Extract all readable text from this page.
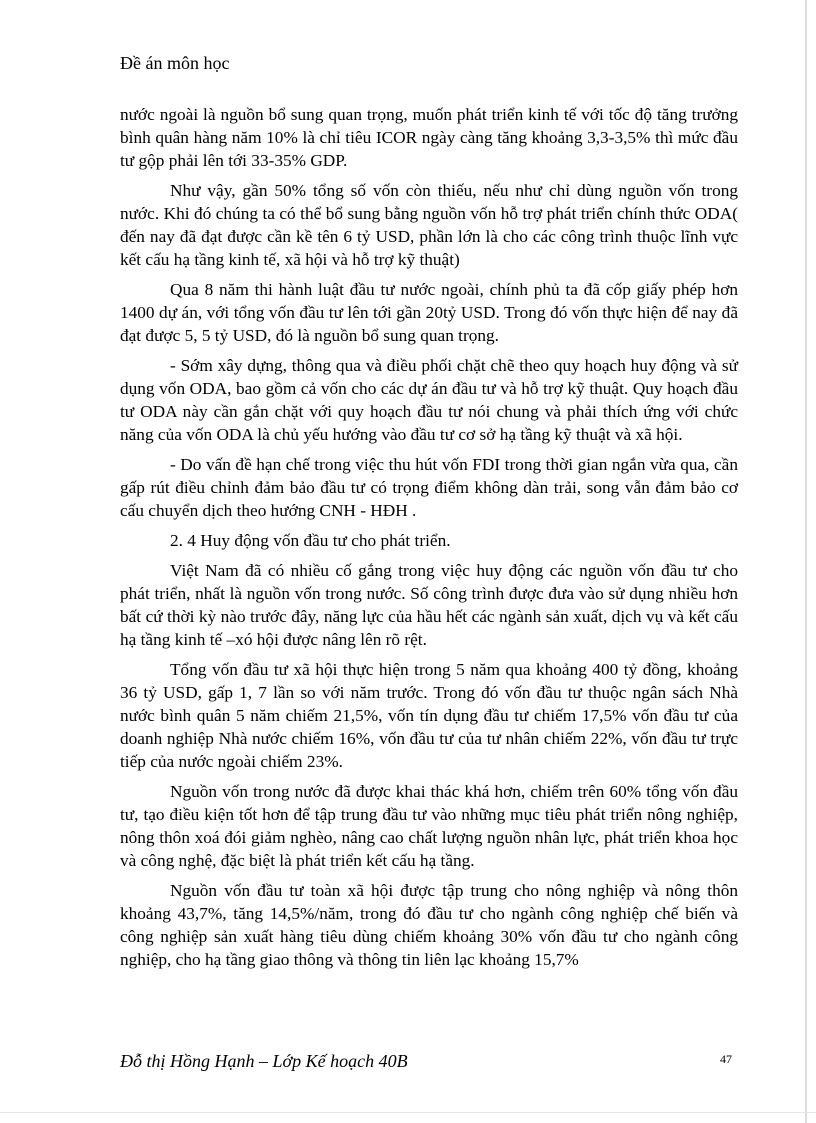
Đề án môn học

nước ngoài là nguồn bổ sung quan trọng, muốn phát triển kinh tế với tốc độ tăng trưởng bình quân hàng năm 10% là chỉ tiêu ICOR ngày càng tăng khoảng 3,3-3,5% thì mức đầu tư gộp phải lên tới 33-35% GDP.

Như vậy, gần 50% tổng số vốn còn thiếu, nếu như chỉ dùng nguồn vốn trong nước. Khi đó chúng ta có thể bổ sung bằng nguồn vốn hỗ trợ phát triển chính thức ODA( đến nay đã đạt được cần kề tên 6 tỷ USD, phần lớn là cho các công trình thuộc lĩnh vực kết cấu hạ tầng kinh tế, xã hội và hỗ trợ kỹ thuật)

Qua 8 năm thi hành luật đầu tư nước ngoài, chính phủ ta đã cốp giấy phép hơn 1400 dự án, với tổng vốn đầu tư lên tới gần 20tỷ USD. Trong đó vốn thực hiện để nay đã đạt được 5, 5 tỷ USD, đó là nguồn bổ sung quan trọng.

- Sớm xây dựng, thông qua và điều phối chặt chẽ theo quy hoạch huy động và sử dụng vốn ODA, bao gồm cả vốn cho các dự án đầu tư và hỗ trợ kỹ thuật. Quy hoạch đầu tư ODA này cần gắn chặt với quy hoạch đầu tư nói chung và phải thích ứng với chức năng của vốn ODA là chủ yếu hướng vào đầu tư cơ sở hạ tầng kỹ thuật và xã hội.

- Do vấn đề hạn chế trong việc thu hút vốn FDI trong thời gian ngắn vừa qua, cần gấp rút điều chỉnh đảm bảo đầu tư có trọng điểm không dàn trải, song vẫn đảm bảo cơ cấu chuyển dịch theo hướng CNH - HĐH .

2. 4 Huy động vốn đầu tư cho phát triển.

Việt Nam đã có nhiều cố gắng trong việc huy động các nguồn vốn đầu tư cho phát triển, nhất là nguồn vốn trong nước. Số công trình được đưa vào sử dụng nhiều hơn bất cứ thời kỳ nào trước đây, năng lực của hầu hết các ngành sản xuất, dịch vụ và kết cấu hạ tầng kinh tế –xó hội được nâng lên rõ rệt.

Tổng vốn đầu tư xã hội thực hiện trong 5 năm qua khoảng 400 tỷ đồng, khoảng 36 tỷ USD, gấp 1, 7 lần so với năm trước. Trong đó vốn đầu tư thuộc ngân sách Nhà nước bình quân 5 năm chiếm 21,5%, vốn tín dụng đầu tư chiếm 17,5% vốn đầu tư của doanh nghiệp Nhà nước chiếm 16%, vốn đầu tư của tư nhân chiếm 22%, vốn đầu tư trực tiếp của nước ngoài chiếm 23%.

Nguồn vốn trong nước đã được khai thác khá hơn, chiếm trên 60% tổng vốn đầu tư, tạo điều kiện tốt hơn để tập trung đầu tư vào những mục tiêu phát triển nông nghiệp, nông thôn xoá đói giảm nghèo, nâng cao chất lượng nguồn nhân lực, phát triển khoa học và công nghệ, đặc biệt là phát triển kết cấu hạ tầng.

Nguồn vốn đầu tư toàn xã hội được tập trung cho nông nghiệp và nông thôn khoảng 43,7%, tăng 14,5%/năm, trong đó đầu tư cho ngành công nghiệp chế biến và công nghiệp sản xuất hàng tiêu dùng chiếm khoảng 30% vốn đầu tư cho ngành công nghiệp, cho hạ tầng giao thông và thông tin liên lạc khoảng 15,7%

Đỗ thị Hồng Hạnh – Lớp Kế hoạch 40B	47
